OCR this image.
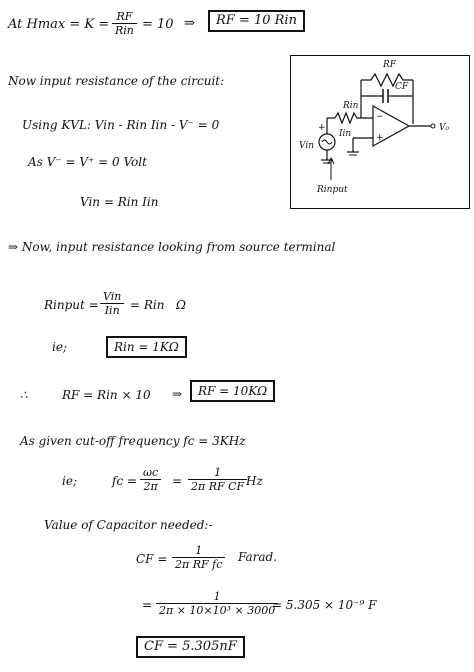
At Hmax = K =
RF
Rin = 10 ⇒	RF = 10 Rin
RF
CF
−
+
V₀
Rin
Iin
+
Vin
Rinput
Now input resistance of the circuit:
Using KVL: Vin - Rin Iin - V⁻ = 0
As V⁻ = V⁺ = 0 Volt
Vin = Rin Iin
⇒ Now, input resistance looking from source terminal
Rinput =
Vin
Iin = Rin Ω
ie;	Rin = 1KΩ
∴	RF = Rin × 10 ⇒	RF = 10KΩ
As given cut-off frequency fc = 3KHz
ie;	fc = $\frac{\omega c}{2\pi} = \frac{1}{\text{2π RF CF}}$
Hz
Value of Capacitor needed:-
CF = $\frac{1}{\text{2π RF fc}}$ Farad.
= $\frac{1}{\text{2π × 10×10³ × 3000}}$
= 5.305 × 10⁻⁹ F
CF = 5.305nF
